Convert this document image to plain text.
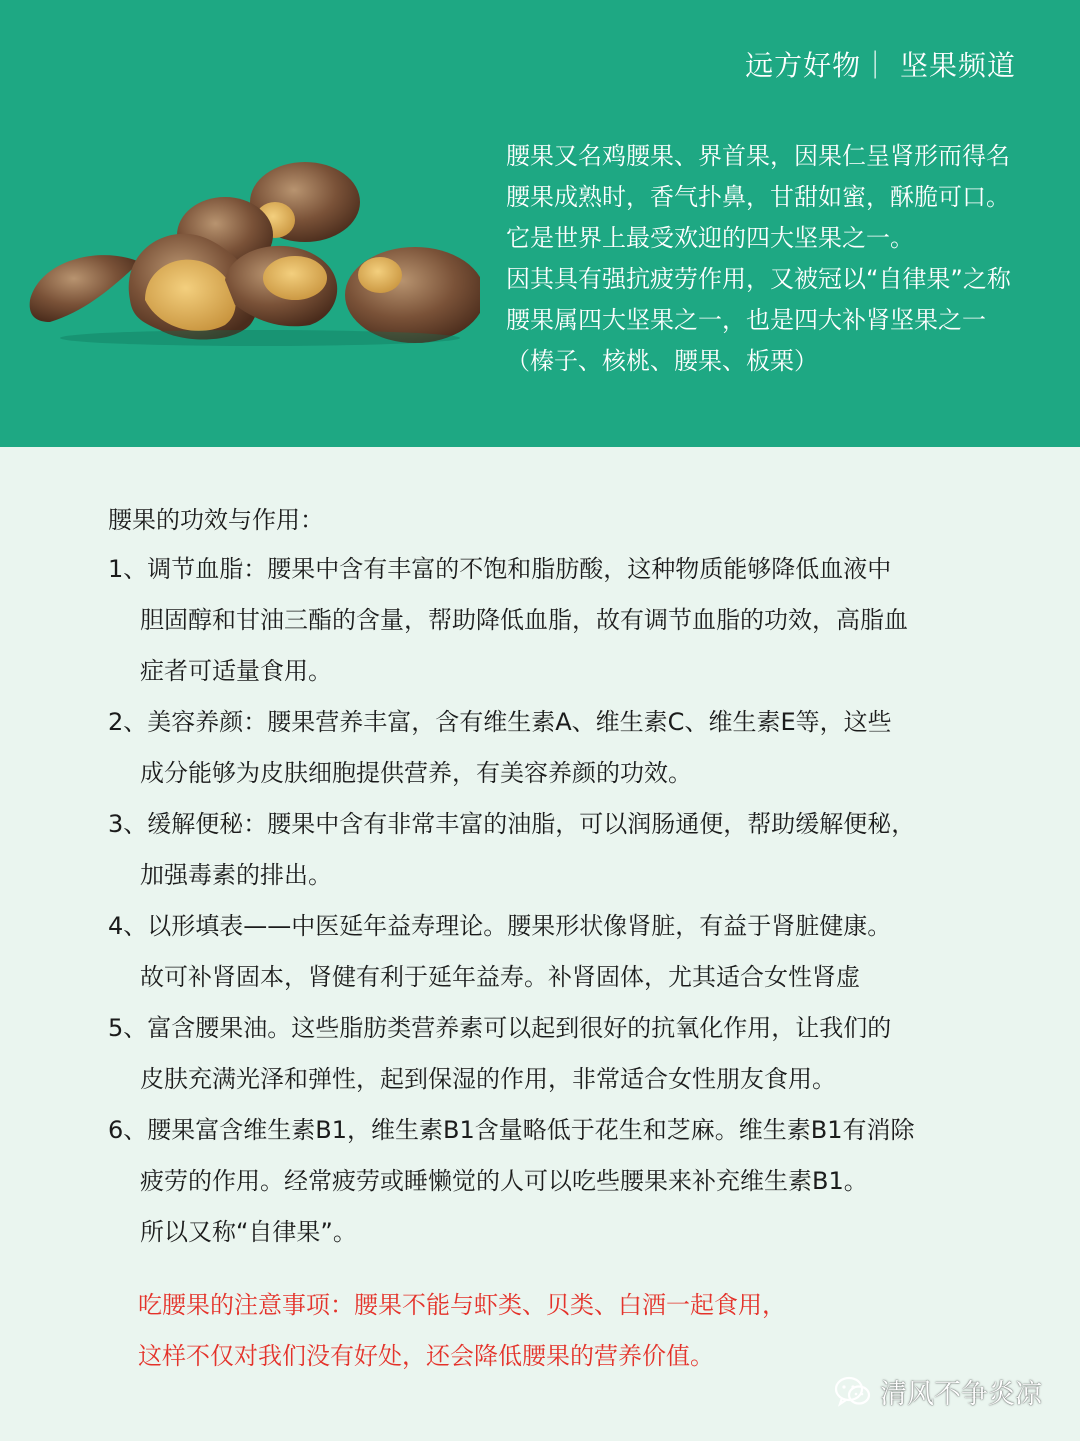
远方好物｜ 坚果频道
腰果又名鸡腰果、界首果，因果仁呈肾形而得名
腰果成熟时，香气扑鼻，甘甜如蜜，酥脆可口。
它是世界上最受欢迎的四大坚果之一。
因其具有强抗疲劳作用，又被冠以“自律果”之称
腰果属四大坚果之一，也是四大补肾坚果之一
（榛子、核桃、腰果、板栗）
腰果的功效与作用：
1、调节血脂：腰果中含有丰富的不饱和脂肪酸，这种物质能够降低血液中
胆固醇和甘油三酯的含量，帮助降低血脂，故有调节血脂的功效，高脂血
症者可适量食用。
2、美容养颜：腰果营养丰富，含有维生素A、维生素C、维生素E等，这些
成分能够为皮肤细胞提供营养，有美容养颜的功效。
3、缓解便秘：腰果中含有非常丰富的油脂，可以润肠通便，帮助缓解便秘，
加强毒素的排出。
4、以形填表——中医延年益寿理论。腰果形状像肾脏，有益于肾脏健康。
故可补肾固本，肾健有利于延年益寿。补肾固体，尤其适合女性肾虚
5、富含腰果油。这些脂肪类营养素可以起到很好的抗氧化作用，让我们的
皮肤充满光泽和弹性，起到保湿的作用，非常适合女性朋友食用。
6、腰果富含维生素B1，维生素B1含量略低于花生和芝麻。维生素B1有消除
疲劳的作用。经常疲劳或睡懒觉的人可以吃些腰果来补充维生素B1。
所以又称“自律果”。
吃腰果的注意事项：腰果不能与虾类、贝类、白酒一起食用，
这样不仅对我们没有好处，还会降低腰果的营养价值。
清风不争炎凉
